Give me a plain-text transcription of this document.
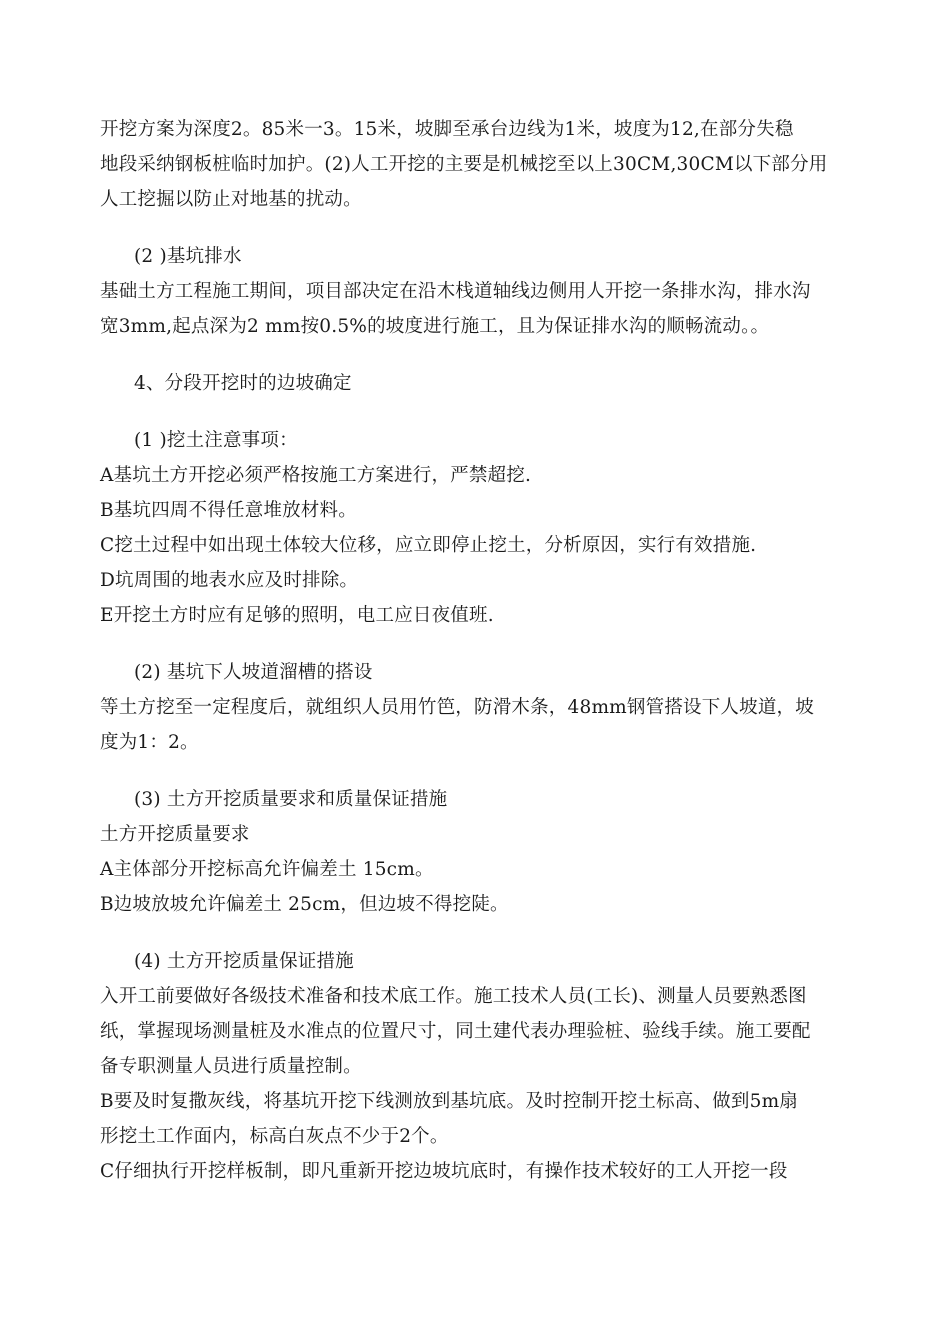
开挖方案为深度2。85米一3。15米，坡脚至承台边线为1米，坡度为12,在部分失稳
地段采纳钢板桩临时加护。(2)人工开挖的主要是机械挖至以上30CM,30CM以下部分用
人工挖掘以防止对地基的扰动。
(2 )基坑排水
基础土方工程施工期间，项目部决定在沿木栈道轴线边侧用人开挖一条排水沟，排水沟
宽3mm,起点深为2 mm按0.5%的坡度进行施工，且为保证排水沟的顺畅流动。。
4、分段开挖时的边坡确定
(1 )挖土注意事项：
A基坑土方开挖必须严格按施工方案进行，严禁超挖.
B基坑四周不得任意堆放材料。
C挖土过程中如出现土体较大位移，应立即停止挖土，分析原因，实行有效措施.
D坑周围的地表水应及时排除。
E开挖土方时应有足够的照明，电工应日夜值班.
(2) 基坑下人坡道溜槽的搭设
等土方挖至一定程度后，就组织人员用竹笆，防滑木条，48mm钢管搭设下人坡道，坡
度为1：2。
(3) 土方开挖质量要求和质量保证措施
土方开挖质量要求
A主体部分开挖标高允许偏差土 15cm。
B边坡放坡允许偏差土 25cm，但边坡不得挖陡。
(4) 土方开挖质量保证措施
入开工前要做好各级技术准备和技术底工作。施工技术人员(工长)、测量人员要熟悉图
纸，掌握现场测量桩及水准点的位置尺寸，同土建代表办理验桩、验线手续。施工要配
备专职测量人员进行质量控制。
B要及时复撒灰线，将基坑开挖下线测放到基坑底。及时控制开挖土标高、做到5m扇
形挖土工作面内，标高白灰点不少于2个。
C仔细执行开挖样板制，即凡重新开挖边坡坑底时，有操作技术较好的工人开挖一段
